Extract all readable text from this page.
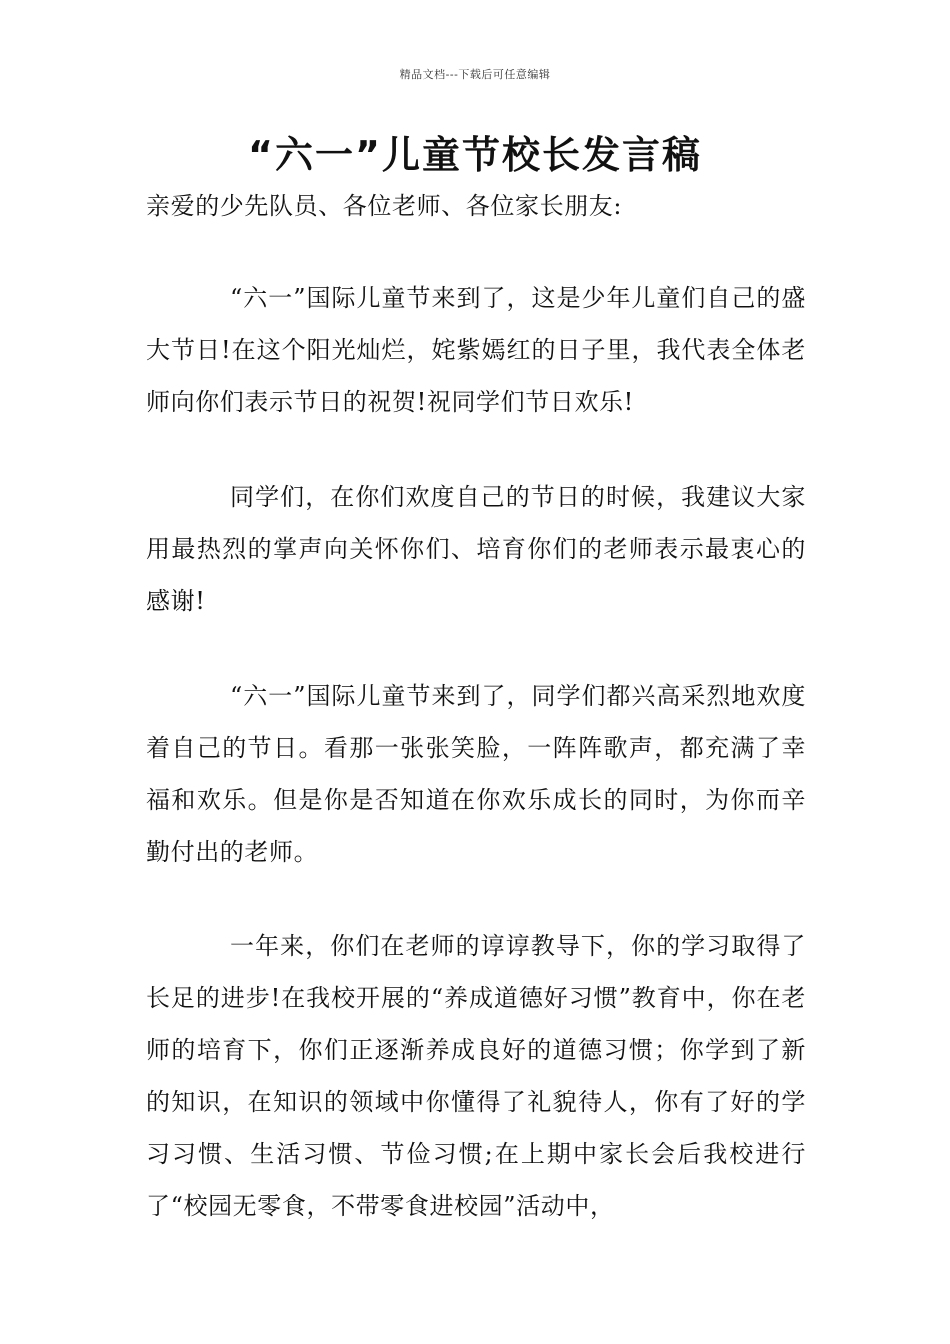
精品文档---下载后可任意编辑
“六一”儿童节校长发言稿
亲爱的少先队员、各位老师、各位家长朋友:
“六一”国际儿童节来到了，这是少年儿童们自己的盛大节日!在这个阳光灿烂，姹紫嫣红的日子里，我代表全体老师向你们表示节日的祝贺!祝同学们节日欢乐!
同学们，在你们欢度自己的节日的时候，我建议大家用最热烈的掌声向关怀你们、培育你们的老师表示最衷心的感谢!
“六一”国际儿童节来到了，同学们都兴高采烈地欢度着自己的节日。看那一张张笑脸，一阵阵歌声，都充满了幸福和欢乐。但是你是否知道在你欢乐成长的同时，为你而辛勤付出的老师。
一年来，你们在老师的谆谆教导下，你的学习取得了长足的进步!在我校开展的“养成道德好习惯”教育中，你在老师的培育下，你们正逐渐养成良好的道德习惯；你学到了新的知识，在知识的领域中你懂得了礼貌待人，你有了好的学习习惯、生活习惯、节俭习惯;在上期中家长会后我校进行了“校园无零食，不带零食进校园”活动中，
